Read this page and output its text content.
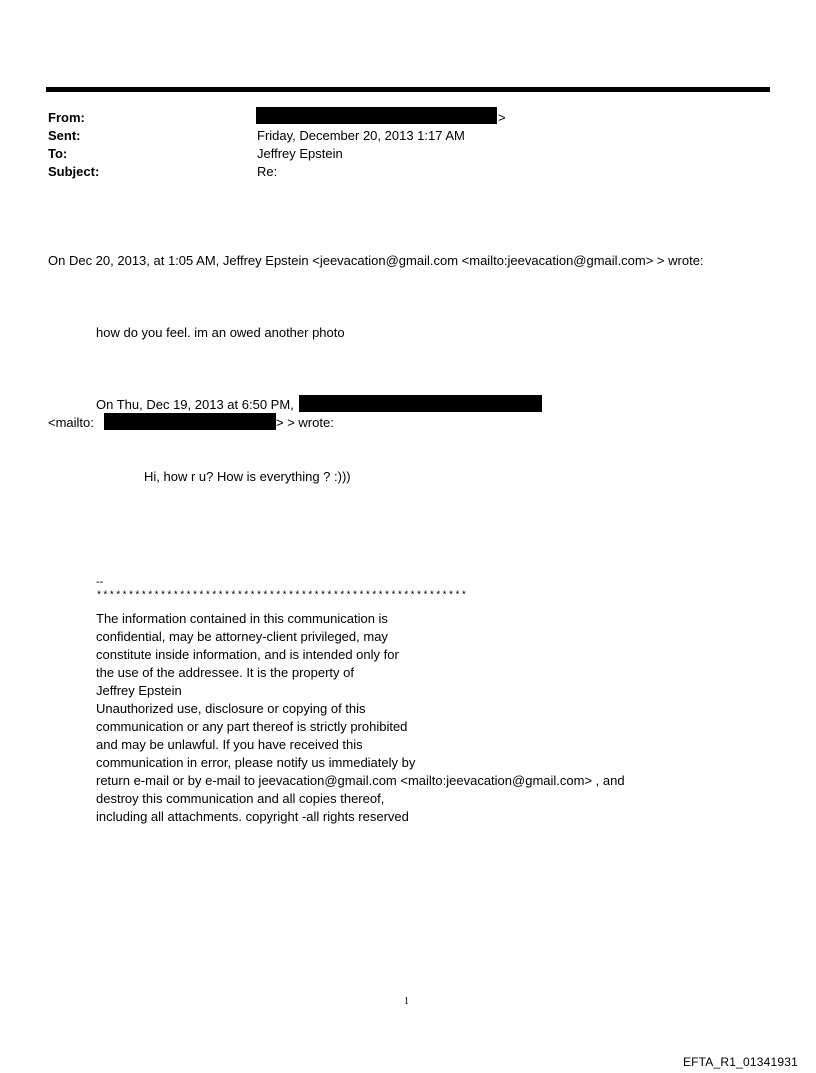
From:
Sent:
To:
Subject:
>
Friday, December 20, 2013 1:17 AM
Jeffrey Epstein
Re:
On Dec 20, 2013, at 1:05 AM, Jeffrey Epstein <jeevacation@gmail.com <mailto:jeevacation@gmail.com> > wrote:
how do you feel. im an owed another photo
On Thu, Dec 19, 2013 at 6:50 PM,
<mailto:	> > wrote:
Hi, how r u? How is everything ? :)))
--
**********************************************************
The information contained in this communication is
confidential, may be attorney-client privileged, may
constitute inside information, and is intended only for
the use of the addressee. It is the property of
Jeffrey Epstein
Unauthorized use, disclosure or copying of this
communication or any part thereof is strictly prohibited
and may be unlawful. If you have received this
communication in error, please notify us immediately by
return e-mail or by e-mail to jeevacation@gmail.com <mailto:jeevacation@gmail.com> , and
destroy this communication and all copies thereof,
including all attachments. copyright -all rights reserved
1
EFTA_R1_01341931
